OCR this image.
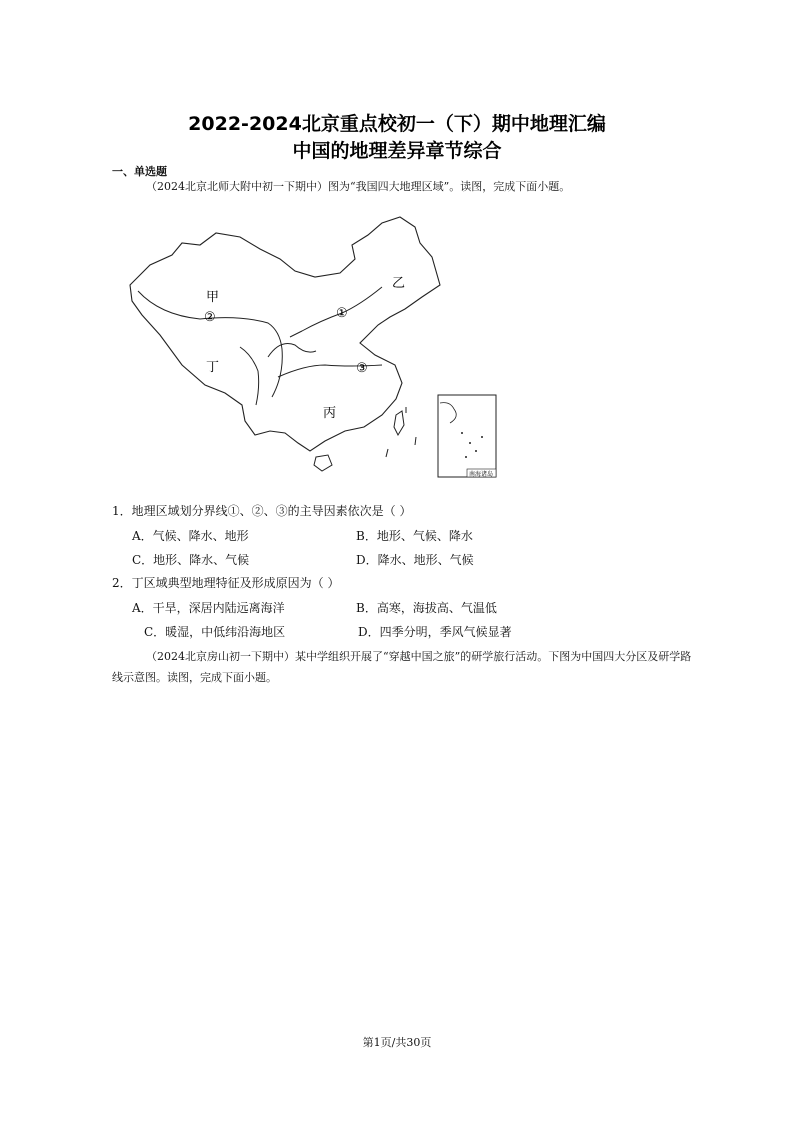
2022-2024北京重点校初一（下）期中地理汇编
中国的地理差异章节综合
一、单选题
（2024北京北师大附中初一下期中）图为“我国四大地理区域”。读图，完成下面小题。
甲
乙
丁
丙
①
②
③
南海诸岛
1．地理区域划分界线①、②、③的主导因素依次是（ ）
A．气候、降水、地形	B．地形、气候、降水
C．地形、降水、气候	D．降水、地形、气候
2．丁区域典型地理特征及形成原因为（ ）
A．干旱，深居内陆远离海洋	B．高寒，海拔高、气温低
C．暖湿，中低纬沿海地区	D．四季分明，季风气候显著
（2024北京房山初一下期中）某中学组织开展了“穿越中国之旅”的研学旅行活动。下图为中国四大分区及研学路线示意图。读图，完成下面小题。
第1页/共30页
